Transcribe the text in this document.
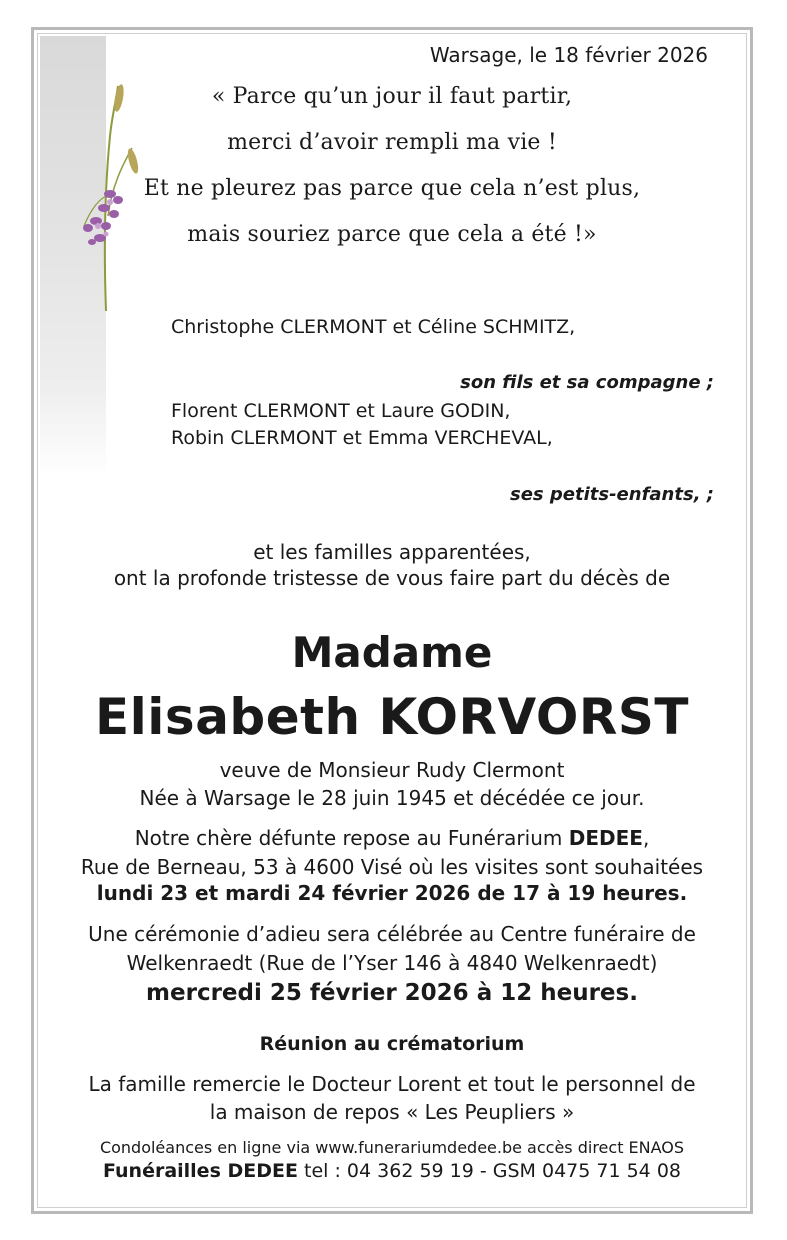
Warsage, le 18 février 2026
« Parce qu’un jour il faut partir,
merci d’avoir rempli ma vie !
Et ne pleurez pas parce que cela n’est plus,
mais souriez parce que cela a été !»
Christophe CLERMONT et Céline SCHMITZ,
son fils et sa compagne ;
Florent CLERMONT et Laure GODIN,
Robin CLERMONT et Emma VERCHEVAL,
ses petits-enfants, ;
et les familles apparentées,
ont la profonde tristesse de vous faire part du décès de
Madame
Elisabeth KORVORST
veuve de Monsieur Rudy Clermont
Née à Warsage le 28 juin 1945 et décédée ce jour.
Notre chère défunte repose au Funérarium DEDEE,
Rue de Berneau, 53 à 4600 Visé où les visites sont souhaitées
lundi 23 et mardi 24 février 2026 de 17 à 19 heures.
Une cérémonie d’adieu sera célébrée au Centre funéraire de
Welkenraedt (Rue de l’Yser 146 à 4840 Welkenraedt)
mercredi 25 février 2026 à 12 heures.
Réunion au crématorium
La famille remercie le Docteur Lorent et tout le personnel de
la maison de repos « Les Peupliers »
Condoléances en ligne via www.funerariumdedee.be accès direct ENAOS
Funérailles DEDEE tel : 04 362 59 19 - GSM 0475 71 54 08
